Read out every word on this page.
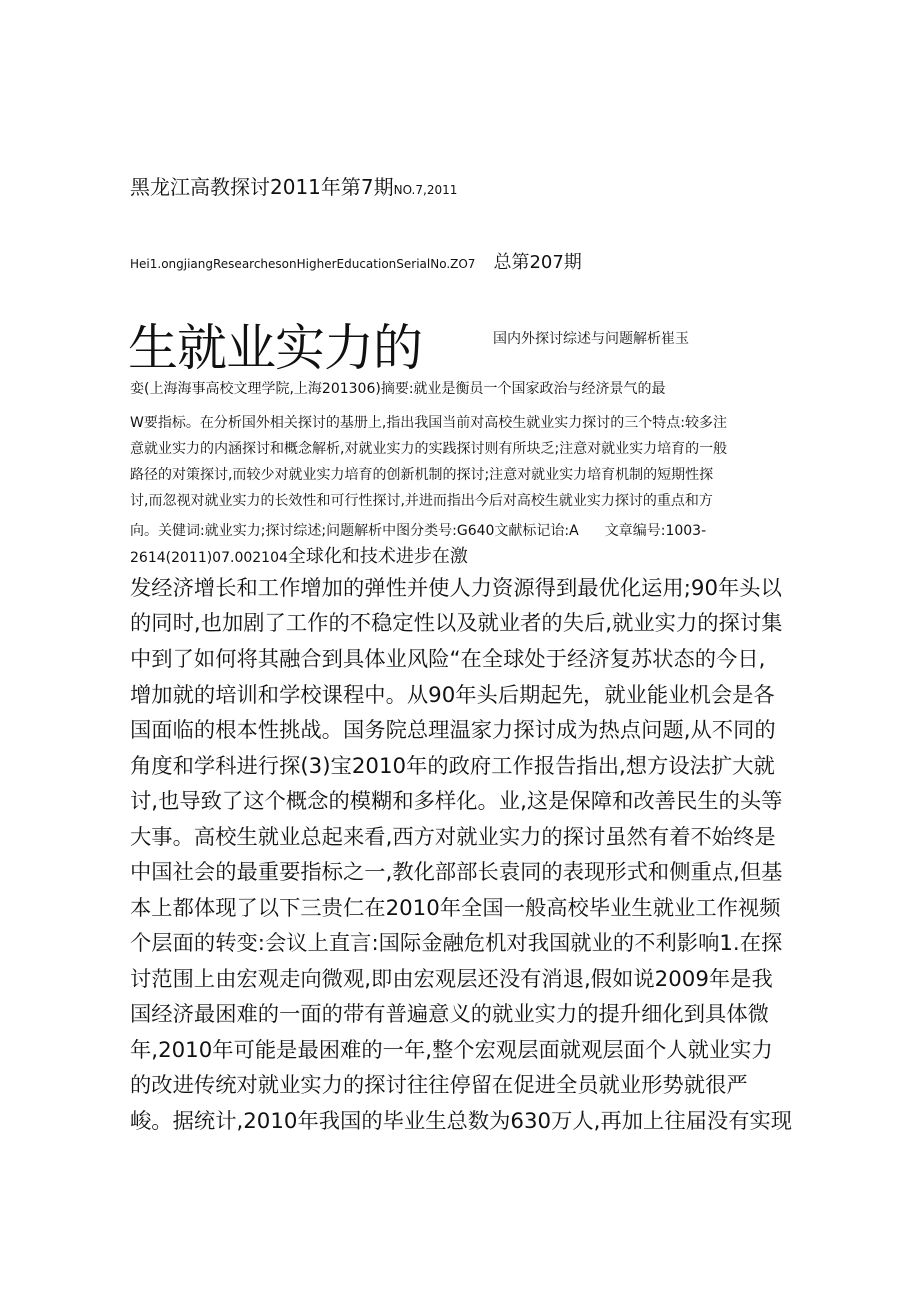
黑龙江高教探讨2011年第7期NO.7,2011
Hei1.ongjiangResearchesonHigherEducationSerialNo.ZO7 总第207期
生就业实力的	国内外探讨综述与问题解析崔玉
娈(上海海事高校文理学院,上海201306)摘要:就业是衡员一个国家政治与经济景气的最
W要指标。在分析国外相关探讨的基册上,指出我国当前对高校生就业实力探讨的三个特点:较多注
意就业实力的内涵探讨和概念解析,对就业实力的实践探讨则有所块乏;注意对就业实力培育的一般
路径的对策探讨,而较少对就业实力培育的创新机制的探讨;注意对就业实力培育机制的短期性探
讨,而忽视对就业实力的长效性和可行性探讨,并进而指出今后对高校生就业实力探讨的重点和方
向。关健词:就业实力;探讨综述;问题解析中图分类号:G640文献标记诒:A 文章编号:1003-
2614(2011)07.002104全球化和技术进步在激
发经济增长和工作增加的弹性并使人力资源得到最优化运用;90年头以
的同时,也加剧了工作的不稳定性以及就业者的失后,就业实力的探讨集
中到了如何将其融合到具体业风险“在全球处于经济复苏状态的今日,
增加就的培训和学校课程中。从90年头后期起先，就业能业机会是各
国面临的根本性挑战。国务院总理温家力探讨成为热点问题,从不同的
角度和学科进行探(3)宝2010年的政府工作报告指出,想方设法扩大就
讨,也导致了这个概念的模糊和多样化。业,这是保障和改善民生的头等
大事。高校生就业总起来看,西方对就业实力的探讨虽然有着不始终是
中国社会的最重要指标之一,教化部部长袁同的表现形式和侧重点,但基
本上都体现了以下三贵仁在2010年全国一般高校毕业生就业工作视频
个层面的转变:会议上直言:国际金融危机对我国就业的不利影响1.在探
讨范围上由宏观走向微观,即由宏观层还没有消退,假如说2009年是我
国经济最困难的一面的带有普遍意义的就业实力的提升细化到具体微
年,2010年可能是最困难的一年,整个宏观层面就观层面个人就业实力
的改进传统对就业实力的探讨往往停留在促进全员就业形势就很严
峻。据统计,2010年我国的毕业生总数为630万人,再加上往届没有实现
